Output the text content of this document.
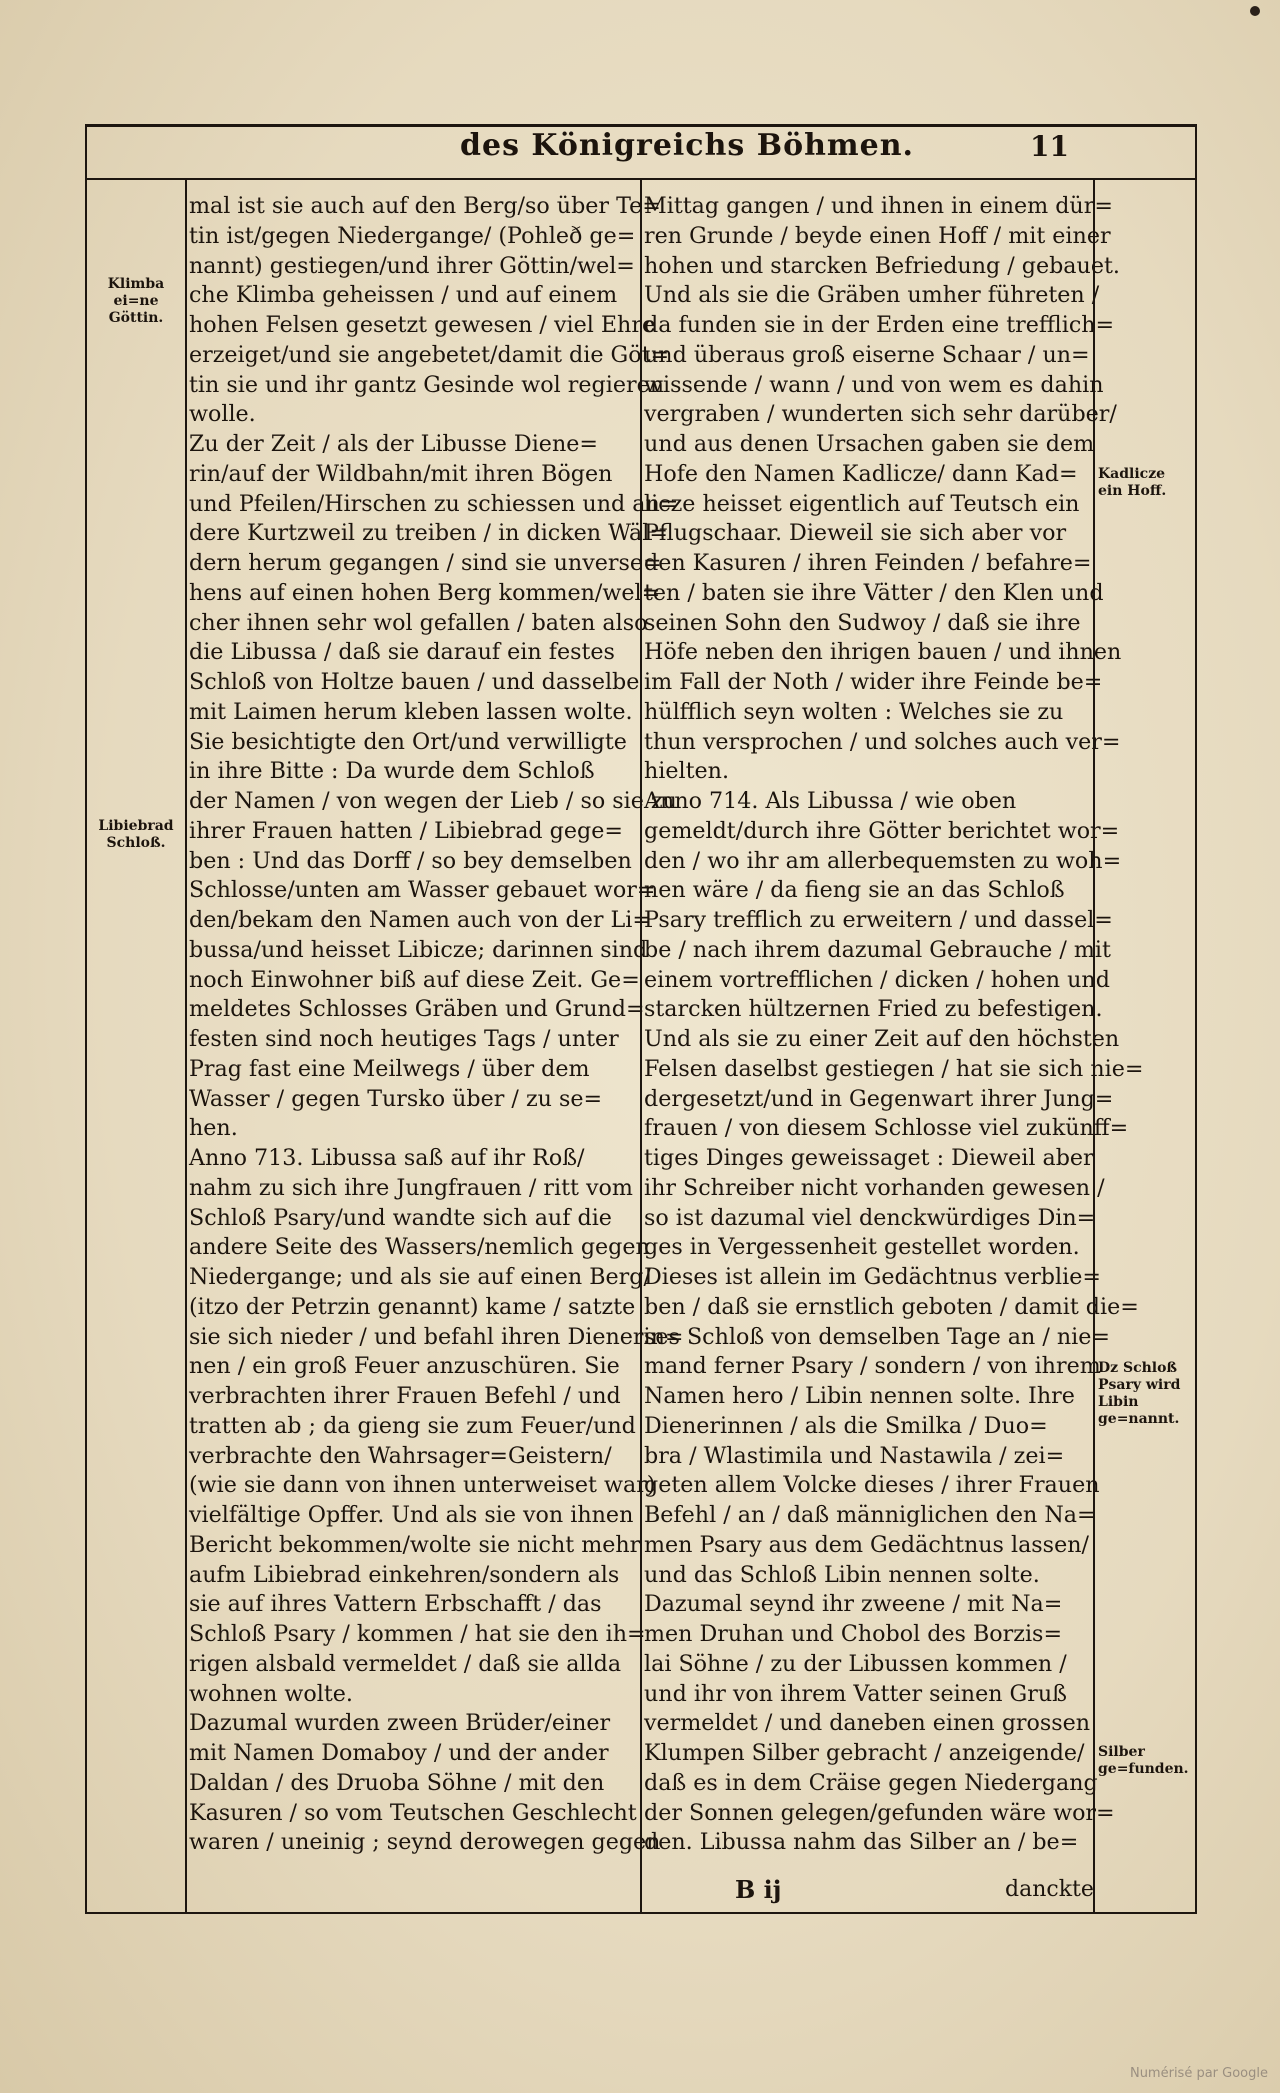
des Königreichs Böhmen.	11
mal ist sie auch auf den Berg/so über Te=
tin ist/gegen Niedergange/ (Pohleð ge=
nannt) gestiegen/und ihrer Göttin/wel=
che Klimba geheissen / und auf einem
hohen Felsen gesetzt gewesen / viel Ehre
erzeiget/und sie angebetet/damit die Göt=
tin sie und ihr gantz Gesinde wol regieren
wolle.
Zu der Zeit / als der Libusse Diene=
rin/auf der Wildbahn/mit ihren Bögen
und Pfeilen/Hirschen zu schiessen und an=
dere Kurtzweil zu treiben / in dicken Wäl=
dern herum gegangen / sind sie unverse=
hens auf einen hohen Berg kommen/wel=
cher ihnen sehr wol gefallen / baten also
die Libussa / daß sie darauf ein festes
Schloß von Holtze bauen / und dasselbe
mit Laimen herum kleben lassen wolte.
Sie besichtigte den Ort/und verwilligte
in ihre Bitte : Da wurde dem Schloß
der Namen / von wegen der Lieb / so sie zu
ihrer Frauen hatten / Libiebrad gege=
ben : Und das Dorff / so bey demselben
Schlosse/unten am Wasser gebauet wor=
den/bekam den Namen auch von der Li=
bussa/und heisset Libicze; darinnen sind
noch Einwohner biß auf diese Zeit. Ge=
meldetes Schlosses Gräben und Grund=
festen sind noch heutiges Tags / unter
Prag fast eine Meilwegs / über dem
Wasser / gegen Tursko über / zu se=
hen.
Anno 713. Libussa saß auf ihr Roß/
nahm zu sich ihre Jungfrauen / ritt vom
Schloß Psary/und wandte sich auf die
andere Seite des Wassers/nemlich gegen
Niedergange; und als sie auf einen Berg/
(itzo der Petrzin genannt) kame / satzte
sie sich nieder / und befahl ihren Dienerin=
nen / ein groß Feuer anzuschüren. Sie
verbrachten ihrer Frauen Befehl / und
tratten ab ; da gieng sie zum Feuer/und
verbrachte den Wahrsager=Geistern/
(wie sie dann von ihnen unterweiset war)
vielfältige Opffer. Und als sie von ihnen
Bericht bekommen/wolte sie nicht mehr
aufm Libiebrad einkehren/sondern als
sie auf ihres Vattern Erbschafft / das
Schloß Psary / kommen / hat sie den ih=
rigen alsbald vermeldet / daß sie allda
wohnen wolte.
Dazumal wurden zween Brüder/einer
mit Namen Domaboy / und der ander
Daldan / des Druoba Söhne / mit den
Kasuren / so vom Teutschen Geschlecht
waren / uneinig ; seynd derowegen gegen
Mittag gangen / und ihnen in einem dür=
ren Grunde / beyde einen Hoff / mit einer
hohen und starcken Befriedung / gebauet.
Und als sie die Gräben umher führeten /
da funden sie in der Erden eine trefflich=
und überaus groß eiserne Schaar / un=
wissende / wann / und von wem es dahin
vergraben / wunderten sich sehr darüber/
und aus denen Ursachen gaben sie dem
Hofe den Namen Kadlicze/ dann Kad=
licze heisset eigentlich auf Teutsch ein
Pflugschaar. Dieweil sie sich aber vor
den Kasuren / ihren Feinden / befahre=
ten / baten sie ihre Vätter / den Klen und
seinen Sohn den Sudwoy / daß sie ihre
Höfe neben den ihrigen bauen / und ihnen
im Fall der Noth / wider ihre Feinde be=
hülfflich seyn wolten : Welches sie zu
thun versprochen / und solches auch ver=
hielten.
Anno 714. Als Libussa / wie oben
gemeldt/durch ihre Götter berichtet wor=
den / wo ihr am allerbequemsten zu woh=
nen wäre / da fieng sie an das Schloß
Psary trefflich zu erweitern / und dassel=
be / nach ihrem dazumal Gebrauche / mit
einem vortrefflichen / dicken / hohen und
starcken hültzernen Fried zu befestigen.
Und als sie zu einer Zeit auf den höchsten
Felsen daselbst gestiegen / hat sie sich nie=
dergesetzt/und in Gegenwart ihrer Jung=
frauen / von diesem Schlosse viel zukünff=
tiges Dinges geweissaget : Dieweil aber
ihr Schreiber nicht vorhanden gewesen /
so ist dazumal viel denckwürdiges Din=
ges in Vergessenheit gestellet worden.
Dieses ist allein im Gedächtnus verblie=
ben / daß sie ernstlich geboten / damit die=
ses Schloß von demselben Tage an / nie=
mand ferner Psary / sondern / von ihrem
Namen hero / Libin nennen solte. Ihre
Dienerinnen / als die Smilka / Duo=
bra / Wlastimila und Nastawila / zei=
geten allem Volcke dieses / ihrer Frauen
Befehl / an / daß männiglichen den Na=
men Psary aus dem Gedächtnus lassen/
und das Schloß Libin nennen solte.
Dazumal seynd ihr zweene / mit Na=
men Druhan und Chobol des Borzis=
lai Söhne / zu der Libussen kommen /
und ihr von ihrem Vatter seinen Gruß
vermeldet / und daneben einen grossen
Klumpen Silber gebracht / anzeigende/
daß es in dem Cräise gegen Niedergang
der Sonnen gelegen/gefunden wäre wor=
den. Libussa nahm das Silber an / be=
Klimba ei=ne Göttin.
Libiebrad Schloß.
Kadlicze ein Hoff.
Dz Schloß Psary wird Libin ge=nannt.
Silber ge=funden.
B ij	danckte
Numérisé par Google
